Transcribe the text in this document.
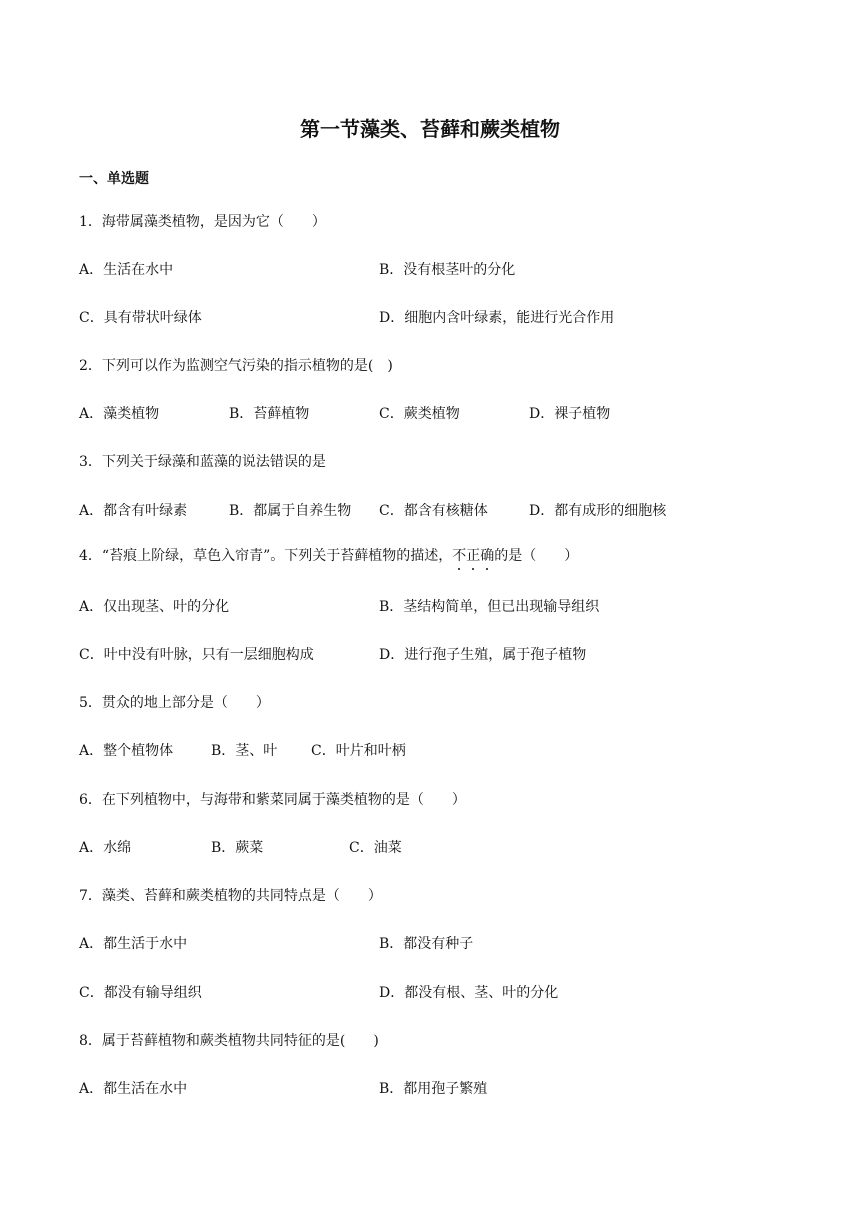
第一节藻类、苔藓和蕨类植物
一、单选题
1．海带属藻类植物，是因为它（　　）
A．生活在水中	B．没有根茎叶的分化
C．具有带状叶绿体	D．细胞内含叶绿素，能进行光合作用
2．下列可以作为监测空气污染的指示植物的是(　)
A．藻类植物	B．苔藓植物	C．蕨类植物	D．裸子植物
3．下列关于绿藻和蓝藻的说法错误的是
A．都含有叶绿素	B．都属于自养生物 C．都含有核糖体	D．都有成形的细胞核
4．“苔痕上阶绿，草色入帘青”。下列关于苔藓植物的描述，不
正
确
的是（　　）
A．仅出现茎、叶的分化	B．茎结构简单，但已出现输导组织
C．叶中没有叶脉，只有一层细胞构成	D．进行孢子生殖，属于孢子植物
5．贯众的地上部分是（　　）
A．整个植物体	B．茎、叶 C．叶片和叶柄
6．在下列植物中，与海带和紫菜同属于藻类植物的是（　　）
A．水绵	B．蕨菜	C．油菜
7．藻类、苔藓和蕨类植物的共同特点是（　　）
A．都生活于水中	B．都没有种子
C．都没有输导组织	D．都没有根、茎、叶的分化
8．属于苔藓植物和蕨类植物共同特征的是(　　)
A．都生活在水中	B．都用孢子繁殖
